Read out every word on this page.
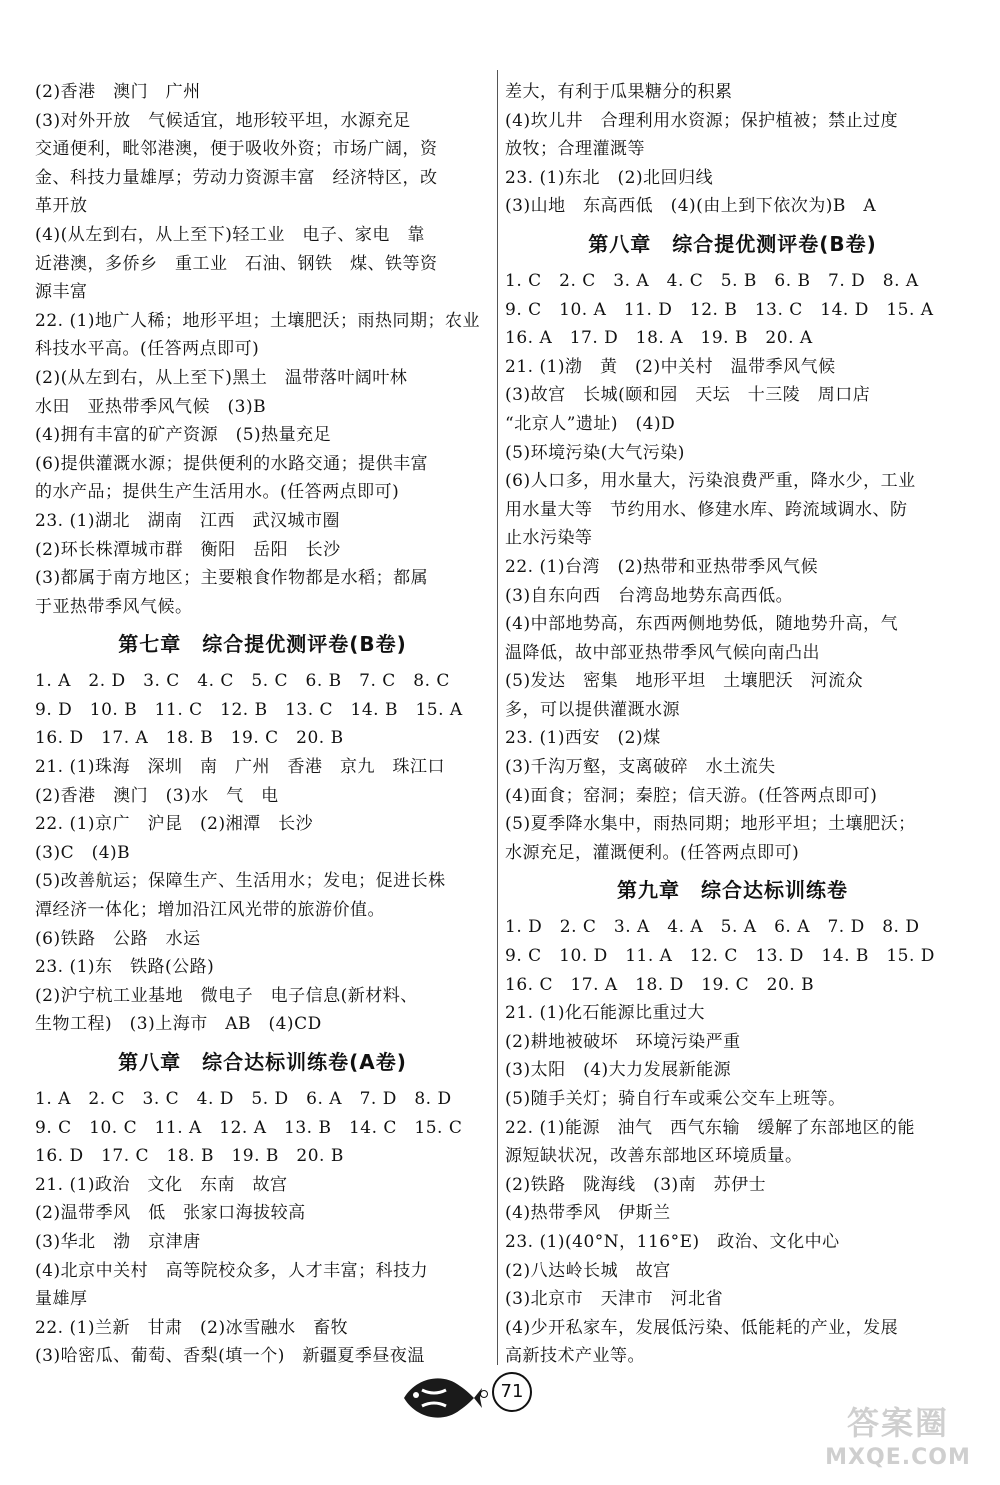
(2)香港　澳门　广州
(3)对外开放　气候适宜，地形较平坦，水源充足
交通便利，毗邻港澳，便于吸收外资；市场广阔，资
金、科技力量雄厚；劳动力资源丰富　经济特区，改
革开放
(4)(从左到右，从上至下)轻工业　电子、家电　靠
近港澳，多侨乡　重工业　石油、钢铁　煤、铁等资
源丰富
22. (1)地广人稀；地形平坦；土壤肥沃；雨热同期；农业
科技水平高。(任答两点即可)
(2)(从左到右，从上至下)黑土　温带落叶阔叶林
水田　亚热带季风气候　(3)B
(4)拥有丰富的矿产资源　(5)热量充足
(6)提供灌溉水源；提供便利的水路交通；提供丰富
的水产品；提供生产生活用水。(任答两点即可)
23. (1)湖北　湖南　江西　武汉城市圈
(2)环长株潭城市群　衡阳　岳阳　长沙
(3)都属于南方地区；主要粮食作物都是水稻；都属
于亚热带季风气候。
第七章　综合提优测评卷(B卷)
1. A　2. D　3. C　4. C　5. C　6. B　7. C　8. C
9. D　10. B　11. C　12. B　13. C　14. B　15. A
16. D　17. A　18. B　19. C　20. B
21. (1)珠海　深圳　南　广州　香港　京九　珠江口
(2)香港　澳门　(3)水　气　电
22. (1)京广　沪昆　(2)湘潭　长沙
(3)C　(4)B
(5)改善航运；保障生产、生活用水；发电；促进长株
潭经济一体化；增加沿江风光带的旅游价值。
(6)铁路　公路　水运
23. (1)东　铁路(公路)
(2)沪宁杭工业基地　微电子　电子信息(新材料、
生物工程)　(3)上海市　AB　(4)CD
第八章　综合达标训练卷(A卷)
1. A　2. C　3. C　4. D　5. D　6. A　7. D　8. D
9. C　10. C　11. A　12. A　13. B　14. C　15. C
16. D　17. C　18. B　19. B　20. B
21. (1)政治　文化　东南　故宫
(2)温带季风　低　张家口海拔较高
(3)华北　渤　京津唐
(4)北京中关村　高等院校众多，人才丰富；科技力
量雄厚
22. (1)兰新　甘肃　(2)冰雪融水　畜牧
(3)哈密瓜、葡萄、香梨(填一个)　新疆夏季昼夜温
差大，有利于瓜果糖分的积累
(4)坎儿井　合理利用水资源；保护植被；禁止过度
放牧；合理灌溉等
23. (1)东北　(2)北回归线
(3)山地　东高西低　(4)(由上到下依次为)B　A
第八章　综合提优测评卷(B卷)
1. C　2. C　3. A　4. C　5. B　6. B　7. D　8. A
9. C　10. A　11. D　12. B　13. C　14. D　15. A
16. A　17. D　18. A　19. B　20. A
21. (1)渤　黄　(2)中关村　温带季风气候
(3)故宫　长城(颐和园　天坛　十三陵　周口店
“北京人”遗址)　(4)D
(5)环境污染(大气污染)
(6)人口多，用水量大，污染浪费严重，降水少，工业
用水量大等　节约用水、修建水库、跨流域调水、防
止水污染等
22. (1)台湾　(2)热带和亚热带季风气候
(3)自东向西　台湾岛地势东高西低。
(4)中部地势高，东西两侧地势低，随地势升高，气
温降低，故中部亚热带季风气候向南凸出
(5)发达　密集　地形平坦　土壤肥沃　河流众
多，可以提供灌溉水源
23. (1)西安　(2)煤
(3)千沟万壑，支离破碎　水土流失
(4)面食；窑洞；秦腔；信天游。(任答两点即可)
(5)夏季降水集中，雨热同期；地形平坦；土壤肥沃；
水源充足，灌溉便利。(任答两点即可)
第九章　综合达标训练卷
1. D　2. C　3. A　4. A　5. A　6. A　7. D　8. D
9. C　10. D　11. A　12. C　13. D　14. B　15. D
16. C　17. A　18. D　19. C　20. B
21. (1)化石能源比重过大
(2)耕地被破坏　环境污染严重
(3)太阳　(4)大力发展新能源
(5)随手关灯；骑自行车或乘公交车上班等。
22. (1)能源　油气　西气东输　缓解了东部地区的能
源短缺状况，改善东部地区环境质量。
(2)铁路　陇海线　(3)南　苏伊士
(4)热带季风　伊斯兰
23. (1)(40°N，116°E)　政治、文化中心
(2)八达岭长城　故宫
(3)北京市　天津市　河北省
(4)少开私家车，发展低污染、低能耗的产业，发展
高新技术产业等。
71
答案圈
MXQE.COM
